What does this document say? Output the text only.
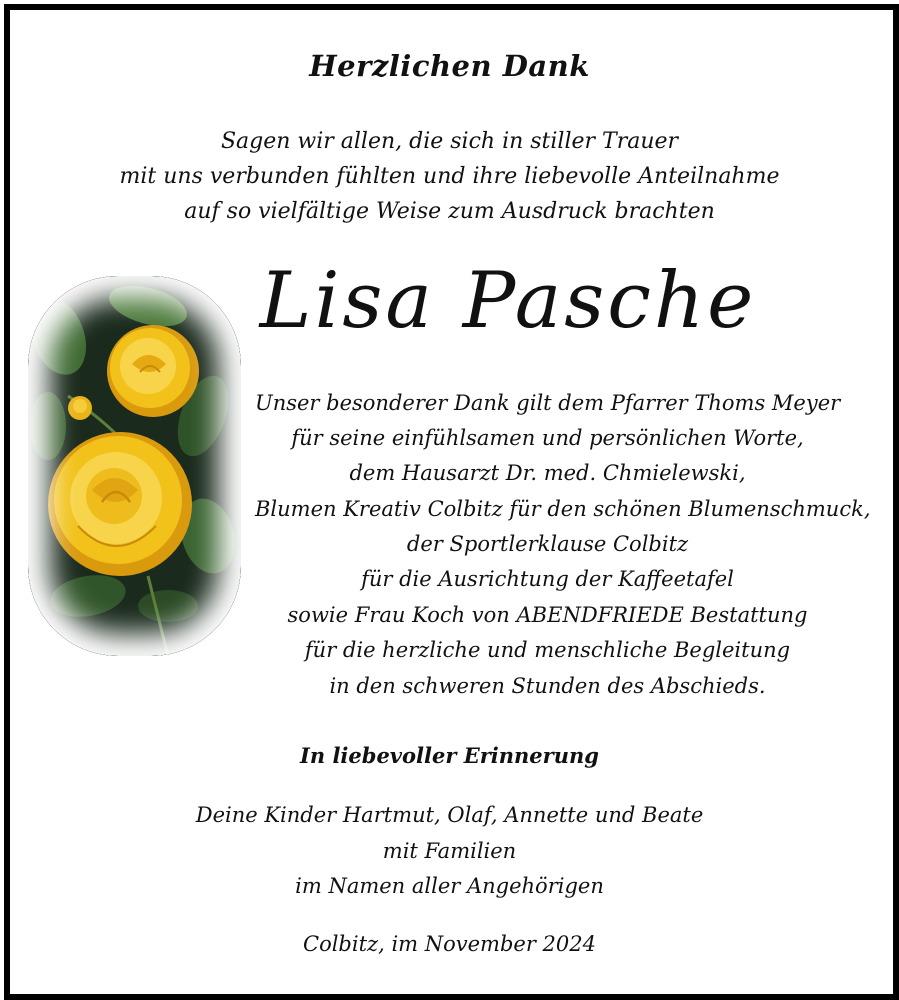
Herzlichen Dank
Sagen wir allen, die sich in stiller Trauer
mit uns verbunden fühlten und ihre liebevolle Anteilnahme
auf so vielfältige Weise zum Ausdruck brachten
Lisa Pasche
Unser besonderer Dank gilt dem Pfarrer Thoms Meyer
für seine einfühlsamen und persönlichen Worte,
dem Hausarzt Dr. med. Chmielewski,
Blumen Kreativ Colbitz für den schönen Blumenschmuck,
der Sportlerklause Colbitz
für die Ausrichtung der Kaffeetafel
sowie Frau Koch von ABENDFRIEDE Bestattung
für die herzliche und menschliche Begleitung
in den schweren Stunden des Abschieds.
In liebevoller Erinnerung
Deine Kinder Hartmut, Olaf, Annette und Beate
mit Familien
im Namen aller Angehörigen
Colbitz, im November 2024
